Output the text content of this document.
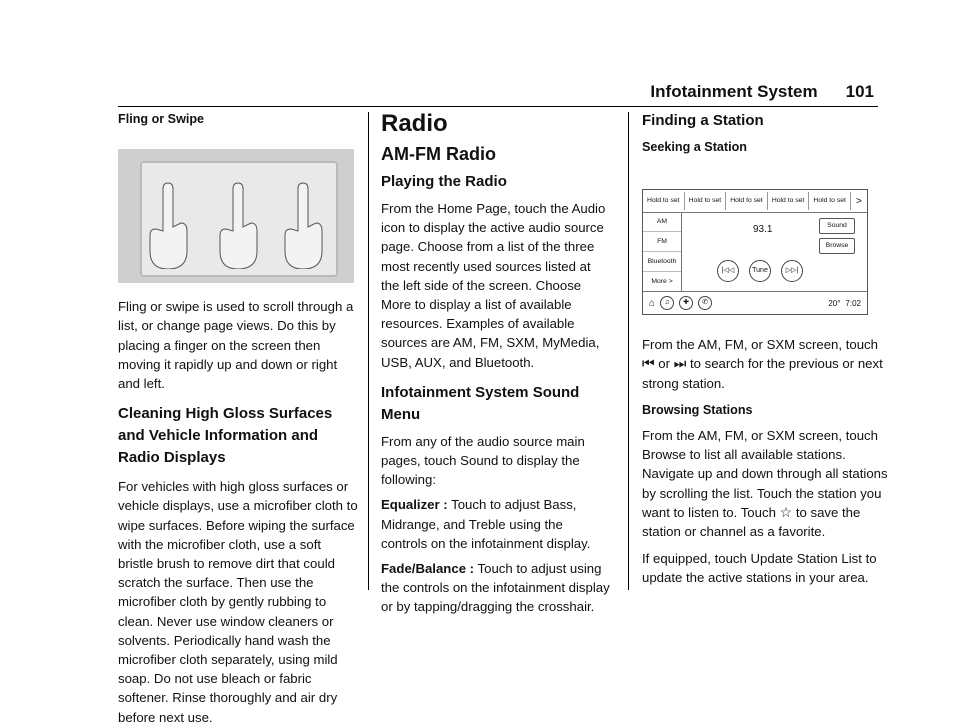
Infotainment System 101

Fling or Swipe

Fling or swipe is used to scroll through a list, or change page views. Do this by placing a finger on the screen then moving it rapidly up and down or right and left.

Cleaning High Gloss Surfaces and Vehicle Information and Radio Displays

For vehicles with high gloss surfaces or vehicle displays, use a microfiber cloth to wipe surfaces. Before wiping the surface with the microfiber cloth, use a soft bristle brush to remove dirt that could scratch the surface. Then use the microfiber cloth by gently rubbing to clean. Never use window cleaners or solvents. Periodically hand wash the microfiber cloth separately, using mild soap. Do not use bleach or fabric softener. Rinse thoroughly and air dry before next use.

Radio
AM-FM Radio
Playing the Radio

From the Home Page, touch the Audio icon to display the active audio source page. Choose from a list of the three most recently used sources listed at the left side of the screen. Choose More to display a list of available resources. Examples of available sources are AM, FM, SXM, MyMedia, USB, AUX, and Bluetooth.

Infotainment System Sound Menu

From any of the audio source main pages, touch Sound to display the following:

Equalizer : Touch to adjust Bass, Midrange, and Treble using the controls on the infotainment display.

Fade/Balance : Touch to adjust using the controls on the infotainment display or by tapping/dragging the crosshair.

Finding a Station

Seeking a Station

Hold to set	Hold to set	Hold to set	Hold to set	Hold to set	>
AM
FM
Bluetooth
More >
93.1	Sound
Browse
|◁◁	Tune	▷▷|
⌂	♫	✚	✆	20° 7:02

From the AM, FM, or SXM screen, touch ⏮ or ⏭ to search for the previous or next strong station.

Browsing Stations

From the AM, FM, or SXM screen, touch Browse to list all available stations. Navigate up and down through all stations by scrolling the list. Touch the station you want to listen to. Touch ☆ to save the station or channel as a favorite.

If equipped, touch Update Station List to update the active stations in your area.
